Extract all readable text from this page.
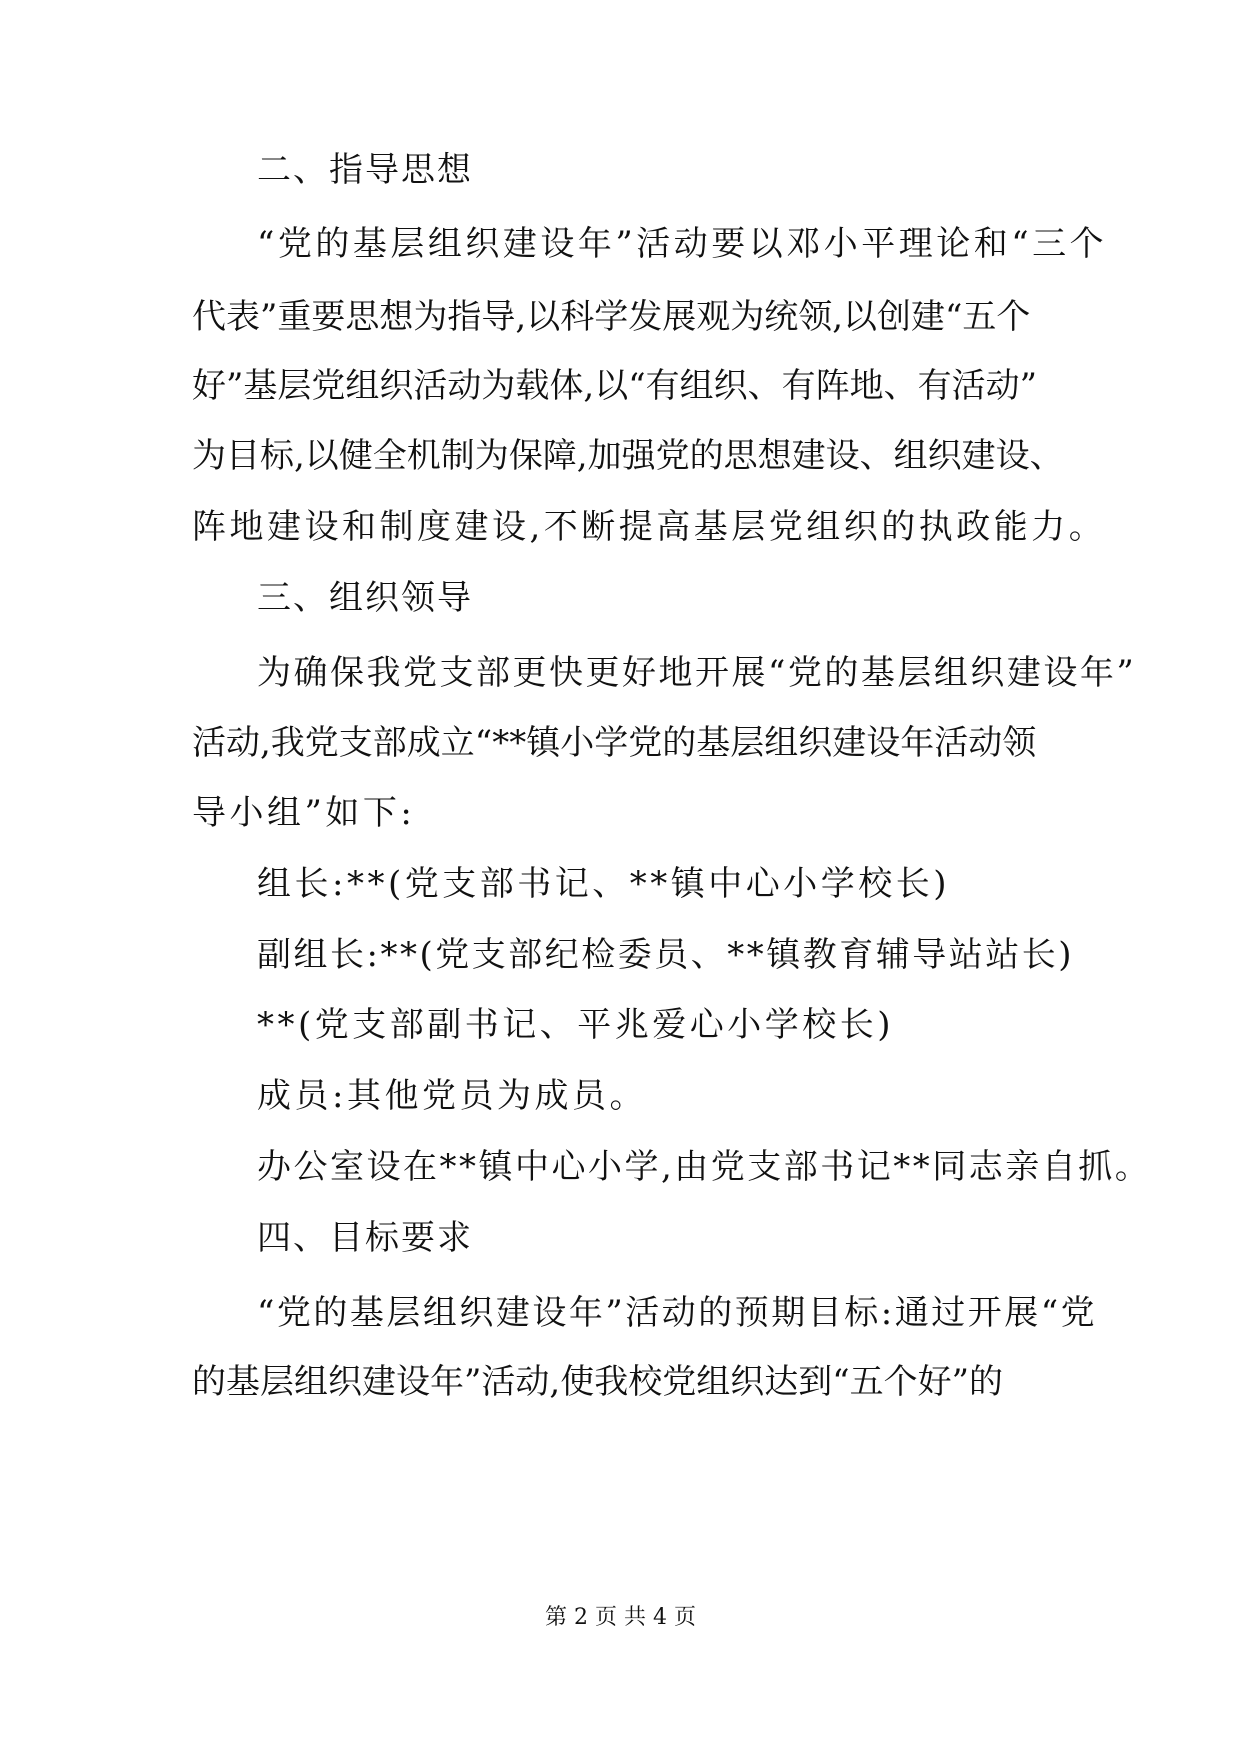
二、指导思想
“党的基层组织建设年”活动要以邓小平理论和“三个
代表”重要思想为指导,以科学发展观为统领,以创建“五个
好”基层党组织活动为载体,以“有组织、有阵地、有活动”
为目标,以健全机制为保障,加强党的思想建设、组织建设、
阵地建设和制度建设,不断提高基层党组织的执政能力。
三、组织领导
为确保我党支部更快更好地开展“党的基层组织建设年”
活动,我党支部成立“**镇小学党的基层组织建设年活动领
导小组”如下:
组长:**(党支部书记、**镇中心小学校长)
副组长:**(党支部纪检委员、**镇教育辅导站站长)
**(党支部副书记、平兆爱心小学校长)
成员:其他党员为成员。
办公室设在**镇中心小学,由党支部书记**同志亲自抓。
四、目标要求
“党的基层组织建设年”活动的预期目标:通过开展“党
的基层组织建设年”活动,使我校党组织达到“五个好”的
第 2 页 共 4 页
